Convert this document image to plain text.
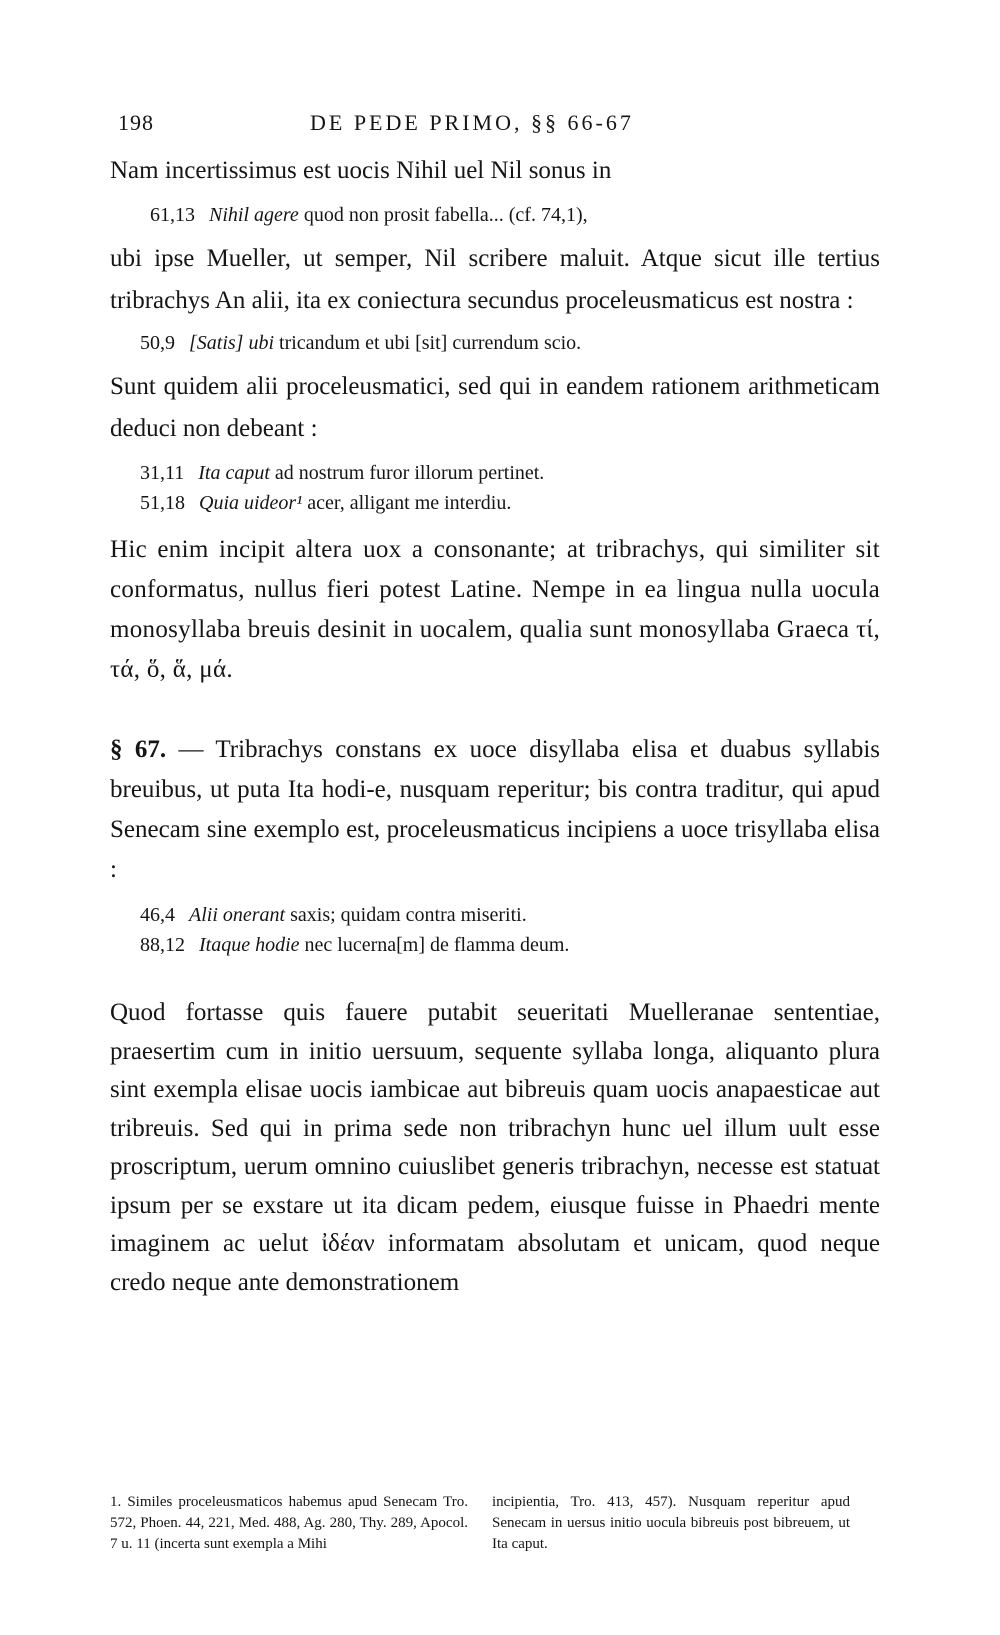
198	DE PEDE PRIMO, §§ 66-67

Nam incertissimus est uocis Nihil uel Nil sonus in

61,13 Nihil agere quod non prosit fabella... (cf. 74,1),

ubi ipse Mueller, ut semper, Nil scribere maluit. Atque sicut ille tertius tribrachys An alii, ita ex coniectura secundus proceleusmaticus est nostra :

50,9 [Satis] ubi tricandum et ubi [sit] currendum scio.

Sunt quidem alii proceleusmatici, sed qui in eandem rationem arithmeticam deduci non debeant :

31,11 Ita caput ad nostrum furor illorum pertinet.
51,18 Quia uideor¹ acer, alligant me interdiu.

Hic enim incipit altera uox a consonante; at tribrachys, qui similiter sit conformatus, nullus fieri potest Latine. Nempe in ea lingua nulla uocula monosyllaba breuis desinit in uocalem, qualia sunt monosyllaba Graeca τί, τά, ὅ, ἅ, μά.

§ 67. — Tribrachys constans ex uoce disyllaba elisa et duabus syllabis breuibus, ut puta Ita hodi-e, nusquam reperitur; bis contra traditur, qui apud Senecam sine exemplo est, proceleusmaticus incipiens a uoce trisyllaba elisa :

46,4 Alii onerant saxis; quidam contra miseriti.
88,12 Itaque hodie nec lucerna[m] de flamma deum.

Quod fortasse quis fauere putabit seueritati Muelleranae sententiae, praesertim cum in initio uersuum, sequente syllaba longa, aliquanto plura sint exempla elisae uocis iambicae aut bibreuis quam uocis anapaesticae aut tribreuis. Sed qui in prima sede non tribrachyn hunc uel illum uult esse proscriptum, uerum omnino cuiuslibet generis tribrachyn, necesse est statuat ipsum per se exstare ut ita dicam pedem, eiusque fuisse in Phaedri mente imaginem ac uelut ἰδέαν informatam absolutam et unicam, quod neque credo neque ante demonstrationem

1. Similes proceleusmaticos habemus apud Senecam Tro. 572, Phoen. 44, 221, Med. 488, Ag. 280, Thy. 289, Apocol. 7 u. 11 (incerta sunt exempla a Mihi
incipientia, Tro. 413, 457). Nusquam reperitur apud Senecam in uersus initio uocula bibreuis post bibreuem, ut Ita caput.
